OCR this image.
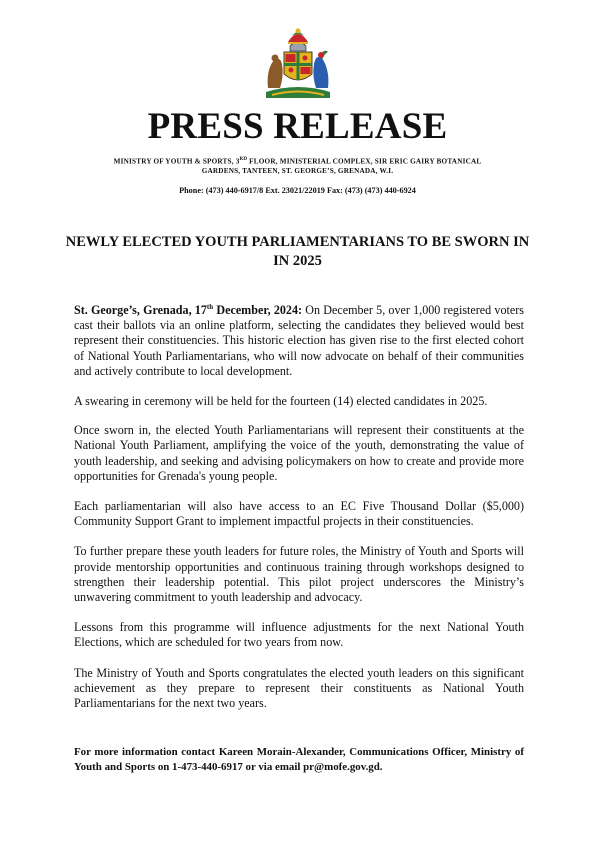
PRESS RELEASE
MINISTRY OF YOUTH & SPORTS, 3RD FLOOR, MINISTERIAL COMPLEX, SIR ERIC GAIRY BOTANICAL
GARDENS, TANTEEN, ST. GEORGE’S, GRENADA, W.I.
Phone: (473) 440-6917/8 Ext. 23021/22019 Fax: (473) (473) 440-6924
NEWLY ELECTED YOUTH PARLIAMENTARIANS TO BE SWORN IN IN 2025

St. George’s, Grenada, 17th December, 2024: On December 5, over 1,000 registered voters cast their ballots via an online platform, selecting the candidates they believed would best represent their constituencies. This historic election has given rise to the first elected cohort of National Youth Parliamentarians, who will now advocate on behalf of their communities and actively contribute to local development.

A swearing in ceremony will be held for the fourteen (14) elected candidates in 2025.

Once sworn in, the elected Youth Parliamentarians will represent their constituents at the National Youth Parliament, amplifying the voice of the youth, demonstrating the value of youth leadership, and seeking and advising policymakers on how to create and provide more opportunities for Grenada's young people.

Each parliamentarian will also have access to an EC Five Thousand Dollar ($5,000) Community Support Grant to implement impactful projects in their constituencies.

To further prepare these youth leaders for future roles, the Ministry of Youth and Sports will provide mentorship opportunities and continuous training through workshops designed to strengthen their leadership potential. This pilot project underscores the Ministry’s unwavering commitment to youth leadership and advocacy.

Lessons from this programme will influence adjustments for the next National Youth Elections, which are scheduled for two years from now.

The Ministry of Youth and Sports congratulates the elected youth leaders on this significant achievement as they prepare to represent their constituents as National Youth Parliamentarians for the next two years.

For more information contact Kareen Morain-Alexander, Communications Officer, Ministry of Youth and Sports on 1-473-440-6917 or via email pr@mofe.gov.gd.
